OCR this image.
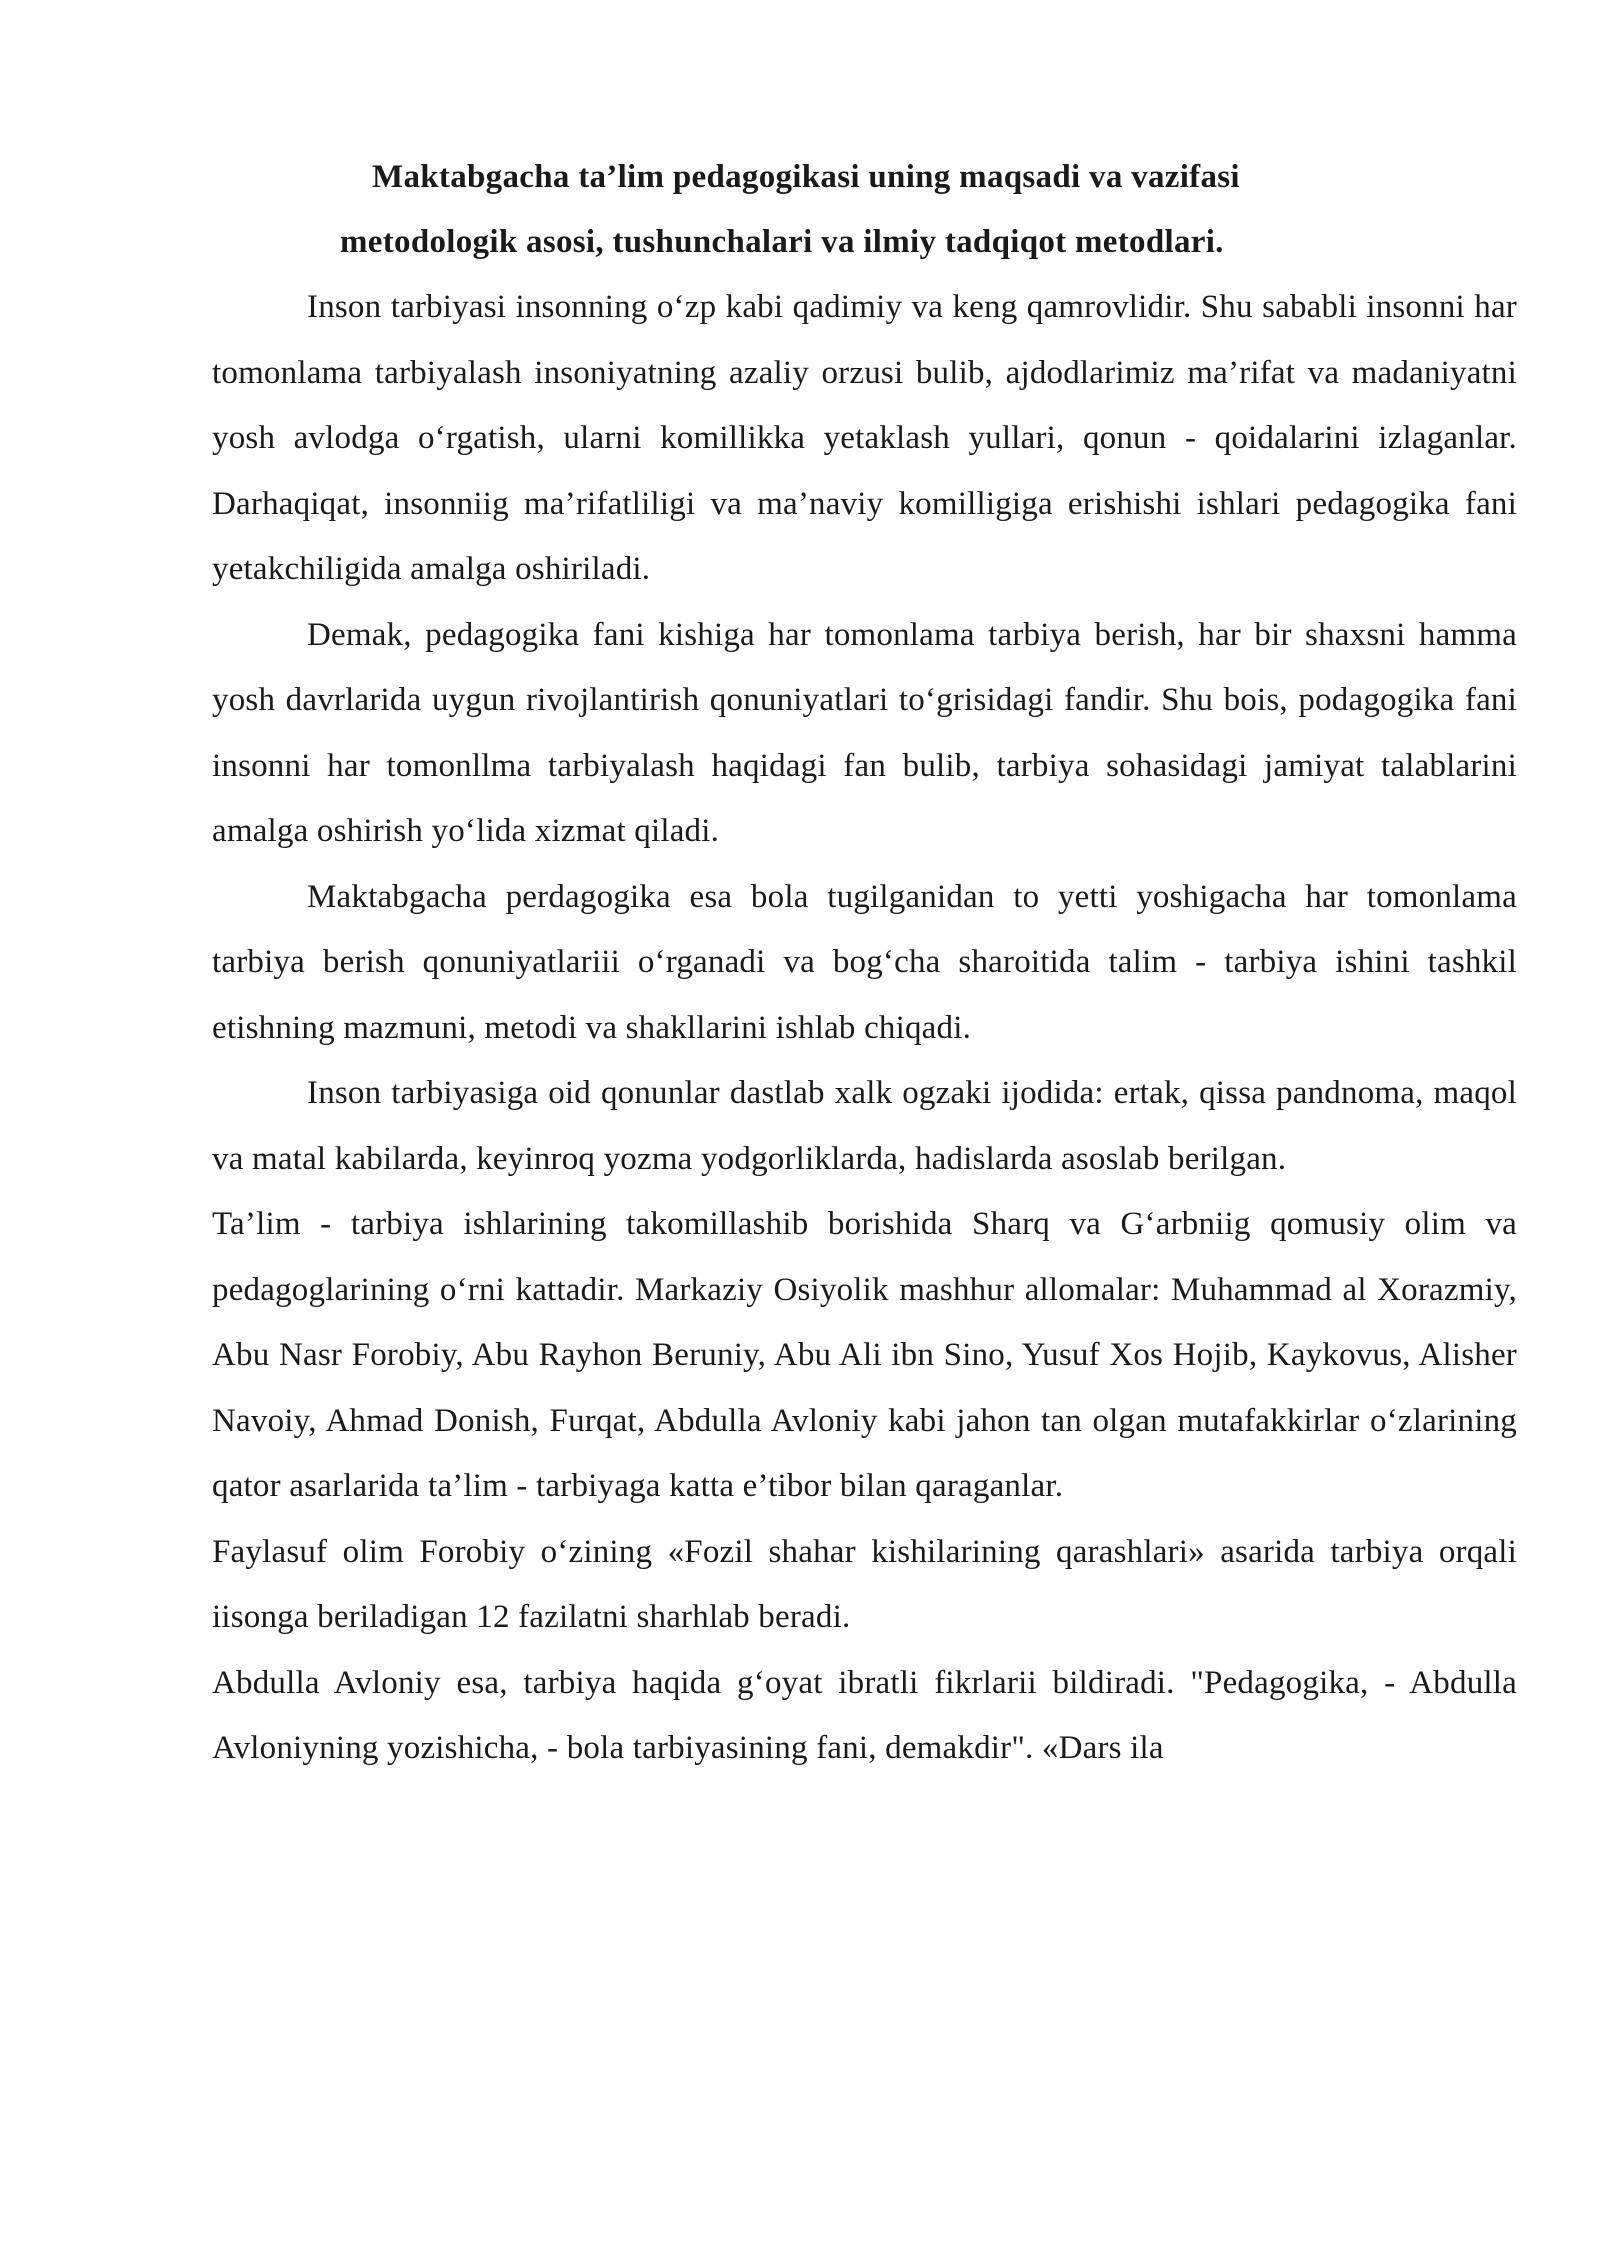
Maktabgacha ta’lim pedagogikasi uning maqsadi va vazifasi
metodologik asosi, tushunchalari va ilmiy tadqiqot metodlari.

Inson tarbiyasi insonning o‘zp kabi qadimiy va keng qamrovlidir. Shu sababli insonni har tomonlama tarbiyalash insoniyatning azaliy orzusi bulib, ajdodlarimiz ma’rifat va madaniyatni yosh avlodga o‘rgatish, ularni komillikka yetaklash yullari, qonun - qoidalarini izlaganlar. Darhaqiqat, insonniig ma’rifatliligi va ma’naviy komilligiga erishishi ishlari pedagogika fani yetakchiligida amalga oshiriladi.

Demak, pedagogika fani kishiga har tomonlama tarbiya berish, har bir shaxsni hamma yosh davrlarida uygun rivojlantirish qonuniyatlari to‘grisidagi fandir. Shu bois, podagogika fani insonni har tomonllma tarbiyalash haqidagi fan bulib, tarbiya sohasidagi jamiyat talablarini amalga oshirish yo‘lida xizmat qiladi.

Maktabgacha perdagogika esa bola tugilganidan to yetti yoshigacha har tomonlama tarbiya berish qonuniyatlariii o‘rganadi va bog‘cha sharoitida talim - tarbiya ishini tashkil etishning mazmuni, metodi va shakllarini ishlab chiqadi.

Inson tarbiyasiga oid qonunlar dastlab xalk ogzaki ijodida: ertak, qissa pandnoma, maqol va matal kabilarda, keyinroq yozma yodgorliklarda, hadislarda asoslab berilgan.

Ta’lim - tarbiya ishlarining takomillashib borishida Sharq va G‘arbniig qomusiy olim va pedagoglarining o‘rni kattadir. Markaziy Osiyolik mashhur allomalar: Muhammad al Xorazmiy, Abu Nasr Forobiy, Abu Rayhon Beruniy, Abu Ali ibn Sino, Yusuf Xos Hojib, Kaykovus, Alisher Navoiy, Ahmad Donish, Furqat, Abdulla Avloniy kabi jahon tan olgan mutafakkirlar o‘zlarining qator asarlarida ta’lim - tarbiyaga katta e’tibor bilan qaraganlar.

Faylasuf olim Forobiy o‘zining «Fozil shahar kishilarining qarashlari» asarida tarbiya orqali iisonga beriladigan 12 fazilatni sharhlab beradi.

Abdulla Avloniy esa, tarbiya haqida g‘oyat ibratli fikrlarii bildiradi. "Pedagogika, - Abdulla Avloniyning yozishicha, - bola tarbiyasining fani, demakdir". «Dars ila
